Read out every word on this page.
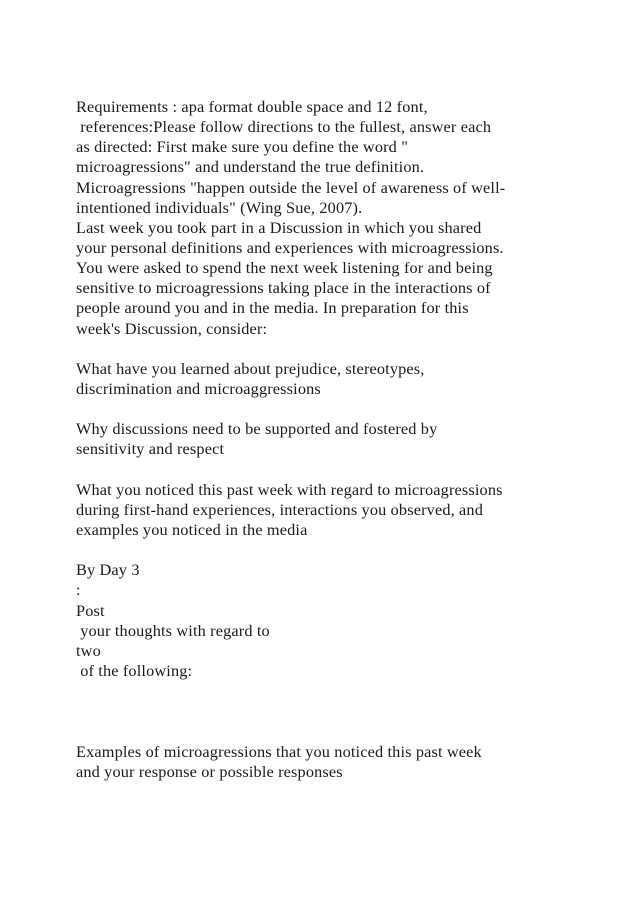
Requirements : apa format double space and 12 font,
references:Please follow directions to the fullest, answer each
as directed: First make sure you define the word "
microagressions" and understand the true definition.
Microagressions "happen outside the level of awareness of well-
intentioned individuals" (Wing Sue, 2007).
Last week you took part in a Discussion in which you shared
your personal definitions and experiences with microagressions.
You were asked to spend the next week listening for and being
sensitive to microagressions taking place in the interactions of
people around you and in the media. In preparation for this
week's Discussion, consider:

What have you learned about prejudice, stereotypes,
discrimination and microaggressions

Why discussions need to be supported and fostered by
sensitivity and respect

What you noticed this past week with regard to microagressions
during first-hand experiences, interactions you observed, and
examples you noticed in the media

By Day 3
:
Post
your thoughts with regard to
two
of the following:

Examples of microagressions that you noticed this past week
and your response or possible responses
